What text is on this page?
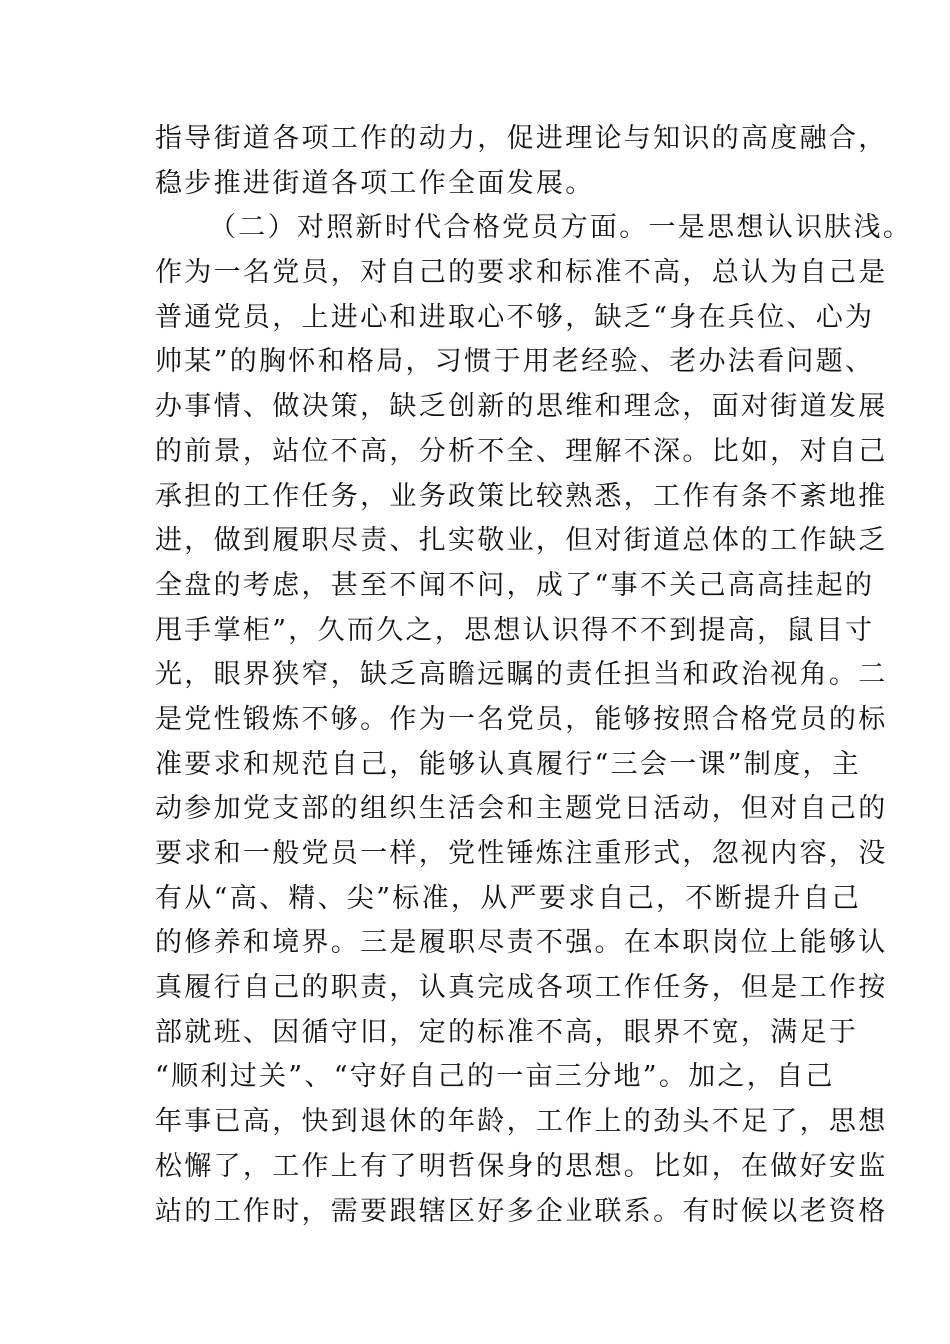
指导街道各项工作的动力，促进理论与知识的高度融合，
稳步推进街道各项工作全面发展。
（二）对照新时代合格党员方面。一是思想认识肤浅。
作为一名党员，对自己的要求和标准不高，总认为自己是
普通党员，上进心和进取心不够，缺乏“身在兵位、心为
帅某”的胸怀和格局，习惯于用老经验、老办法看问题、
办事情、做决策，缺乏创新的思维和理念，面对街道发展
的前景，站位不高，分析不全、理解不深。比如，对自己
承担的工作任务，业务政策比较熟悉，工作有条不紊地推
进，做到履职尽责、扎实敬业，但对街道总体的工作缺乏
全盘的考虑，甚至不闻不问，成了“事不关己高高挂起的
甩手掌柜”，久而久之，思想认识得不不到提高，鼠目寸
光，眼界狭窄，缺乏高瞻远瞩的责任担当和政治视角。二
是党性锻炼不够。作为一名党员，能够按照合格党员的标
准要求和规范自己，能够认真履行“三会一课”制度，主
动参加党支部的组织生活会和主题党日活动，但对自己的
要求和一般党员一样，党性锤炼注重形式，忽视内容，没
有从“高、精、尖”标准，从严要求自己，不断提升自己
的修养和境界。三是履职尽责不强。在本职岗位上能够认
真履行自己的职责，认真完成各项工作任务，但是工作按
部就班、因循守旧，定的标准不高，眼界不宽，满足于
“顺利过关”、“守好自己的一亩三分地”。加之，自己
年事已高，快到退休的年龄，工作上的劲头不足了，思想
松懈了，工作上有了明哲保身的思想。比如，在做好安监
站的工作时，需要跟辖区好多企业联系。有时候以老资格
